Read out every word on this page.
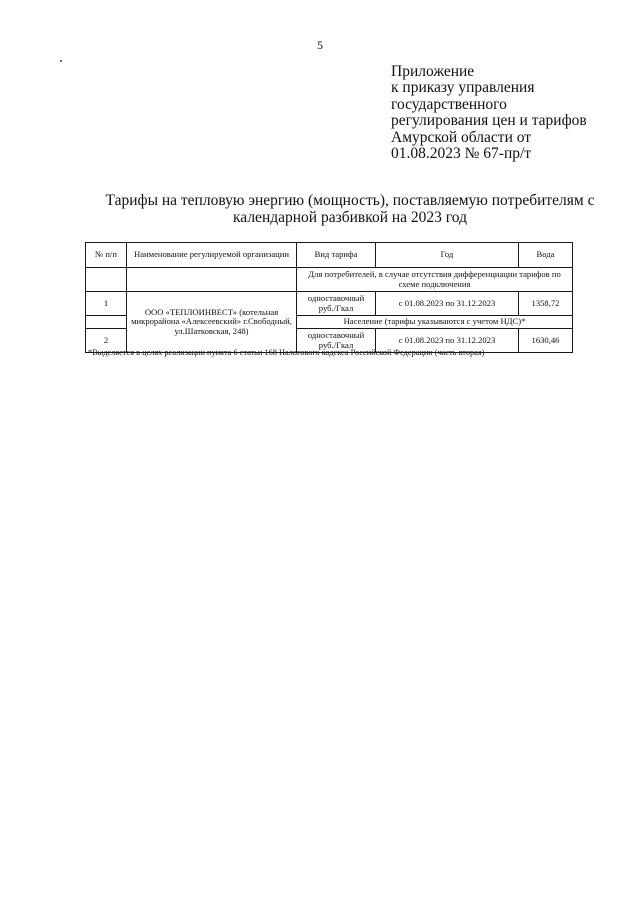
5
Приложение
к приказу управления
государственного
регулирования цен и тарифов
Амурской области от
01.08.2023 № 67-пр/т
Тарифы на тепловую энергию (мощность), поставляемую потребителям с
календарной разбивкой на 2023 год
№ п/п	Наименование регулируемой организации	Вид тарифа	Год	Вода
		Для потребителей, в случае отсутствия дифференциации тарифов по схеме подключения		
1	ООО «ТЕПЛОИНВЕСТ» (котельная микрорайона «Алексеевский» г.Свободный, ул.Шатковская, 248)	одноставочный руб./Гкал	с 01.08.2023 по 31.12.2023	1358,72

		Население (тарифы указываются с учетом НДС)*		
2		одноставочный руб./Гкал	с 01.08.2023 по 31.12.2023	1630,46
*Выделяется в целях реализации пункта 6 статьи 168 Налогового кодекса Российской Федерации (часть вторая)
